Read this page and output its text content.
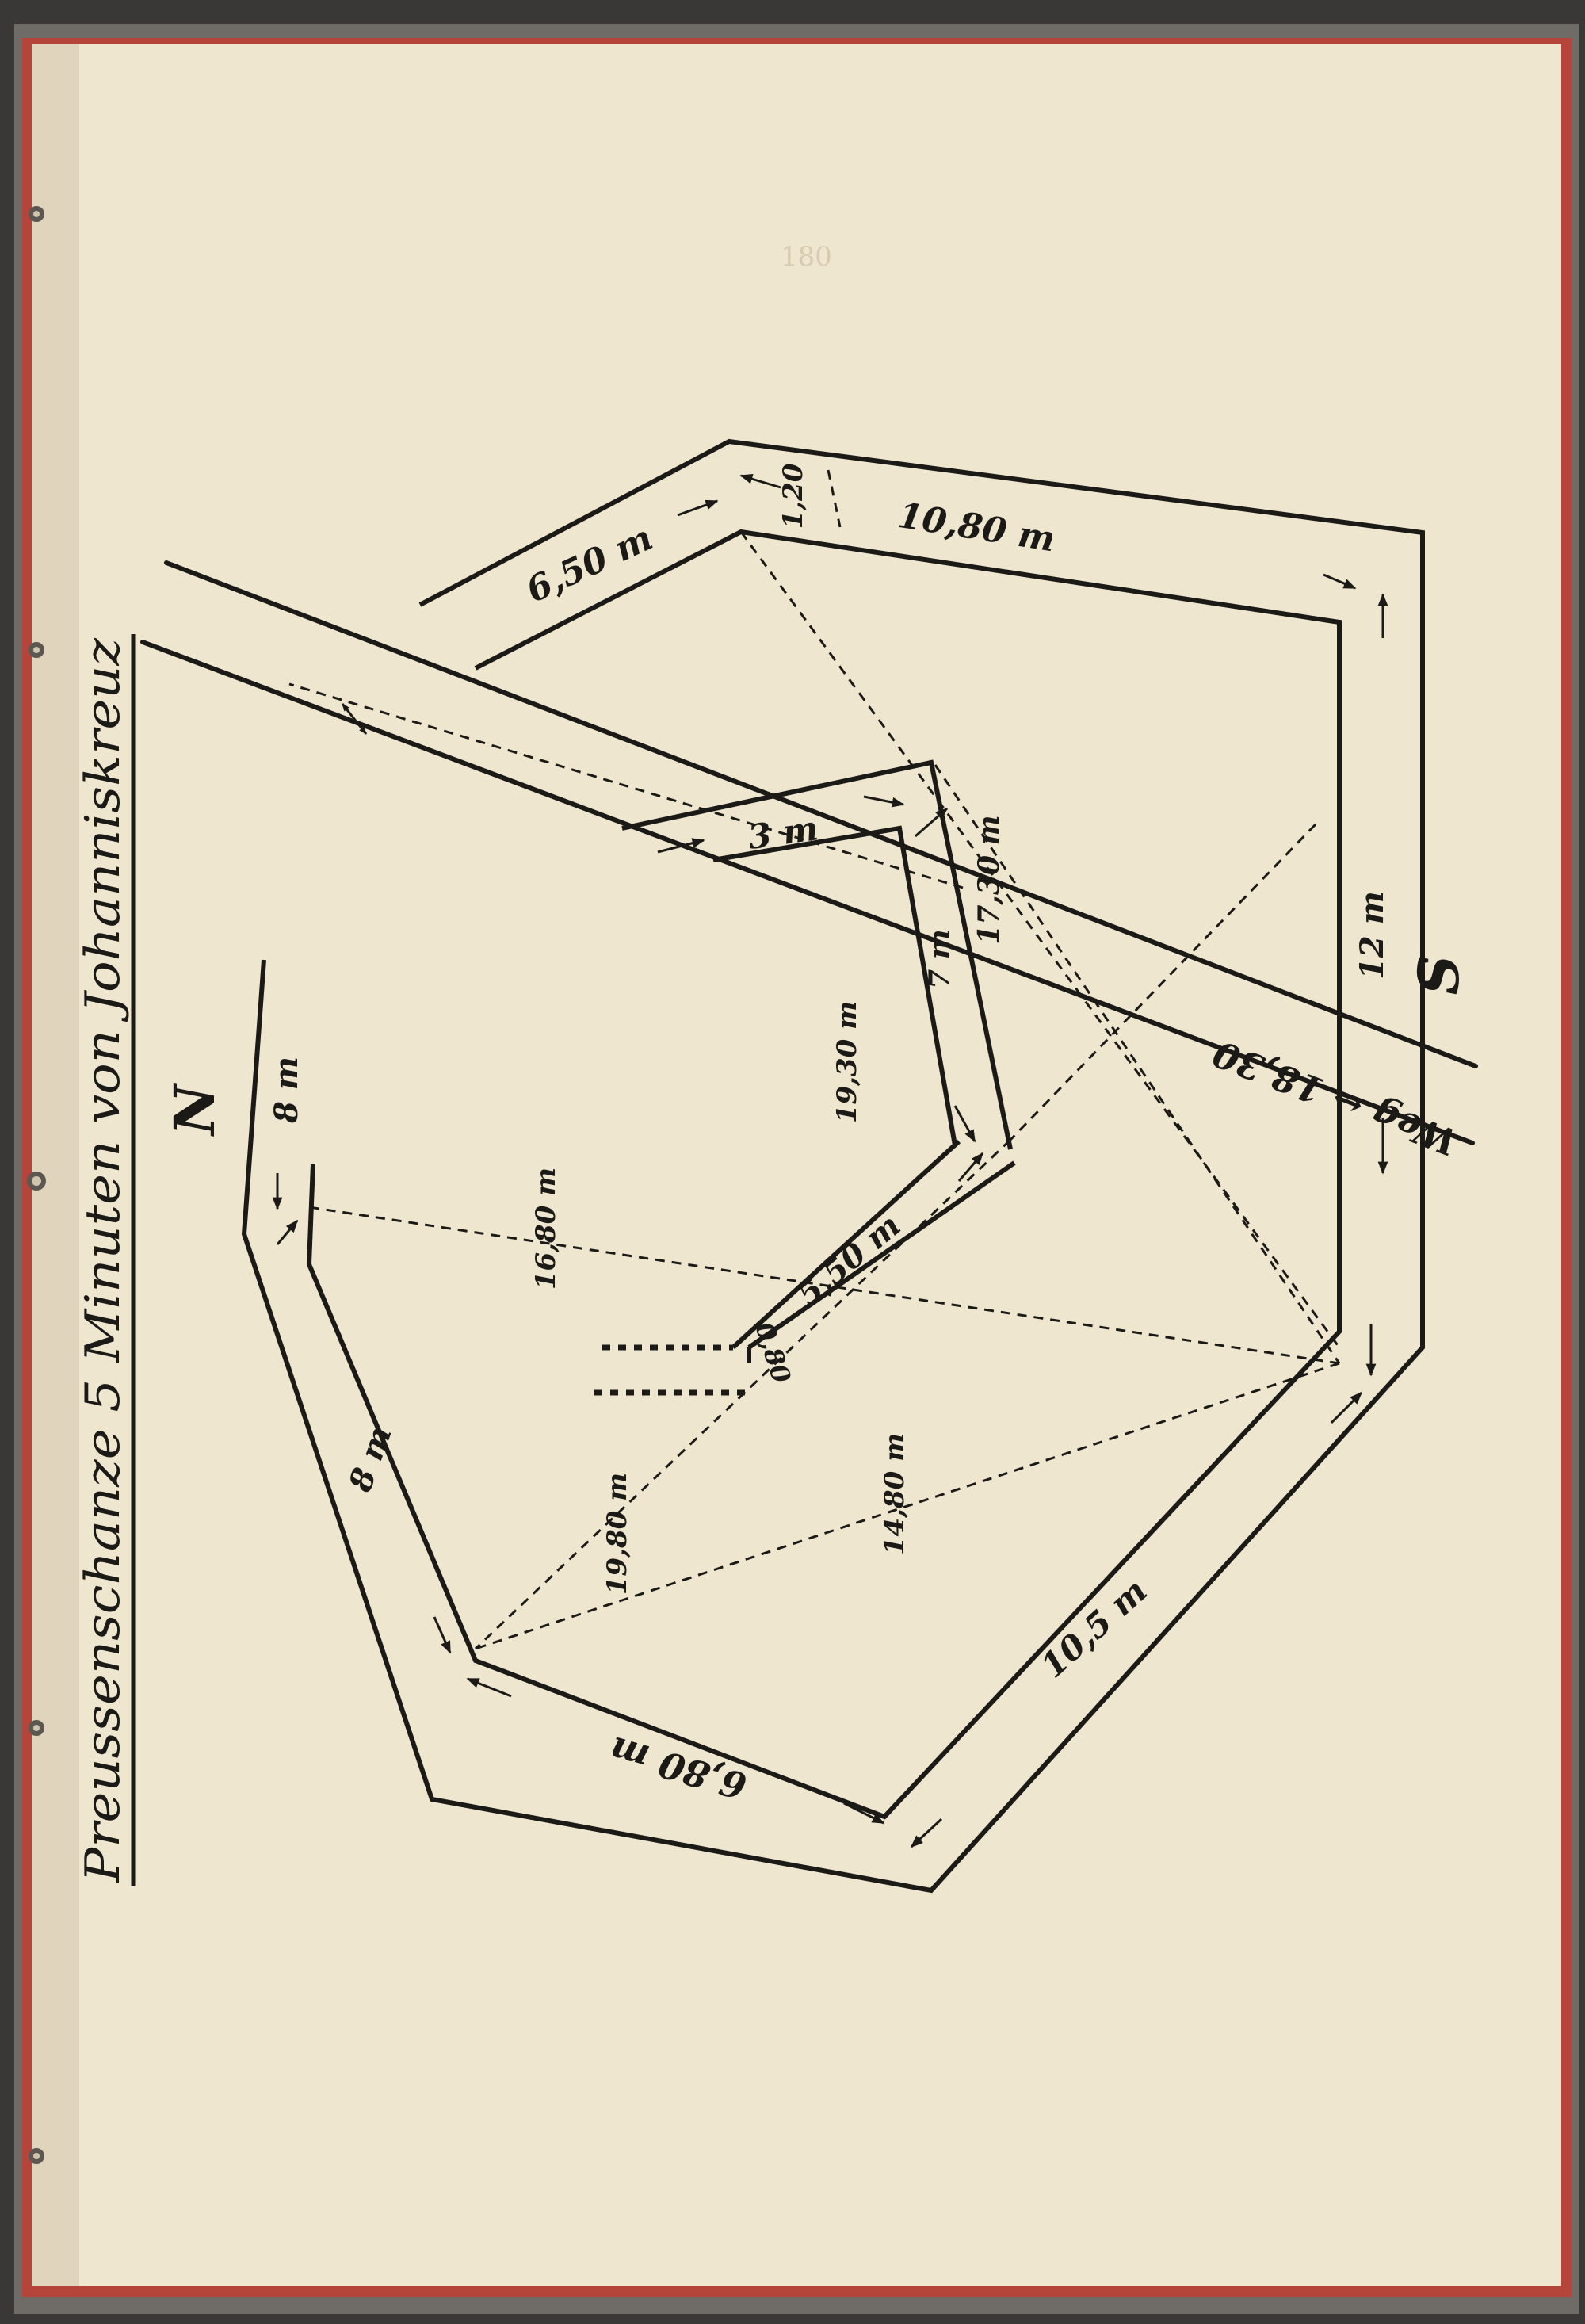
180
Preussenschanze 5 Minuten von Johanniskreuz N
S
Weg ↔ 18,30
6,50 m
1,20 10,80 m
12 m
3 m	17,30 m
7 m
19,30 m
16,80 m	5,50 m
0,80
8 m
8 m
19,80 m	14,80 m
10,5 m
6,80 m
